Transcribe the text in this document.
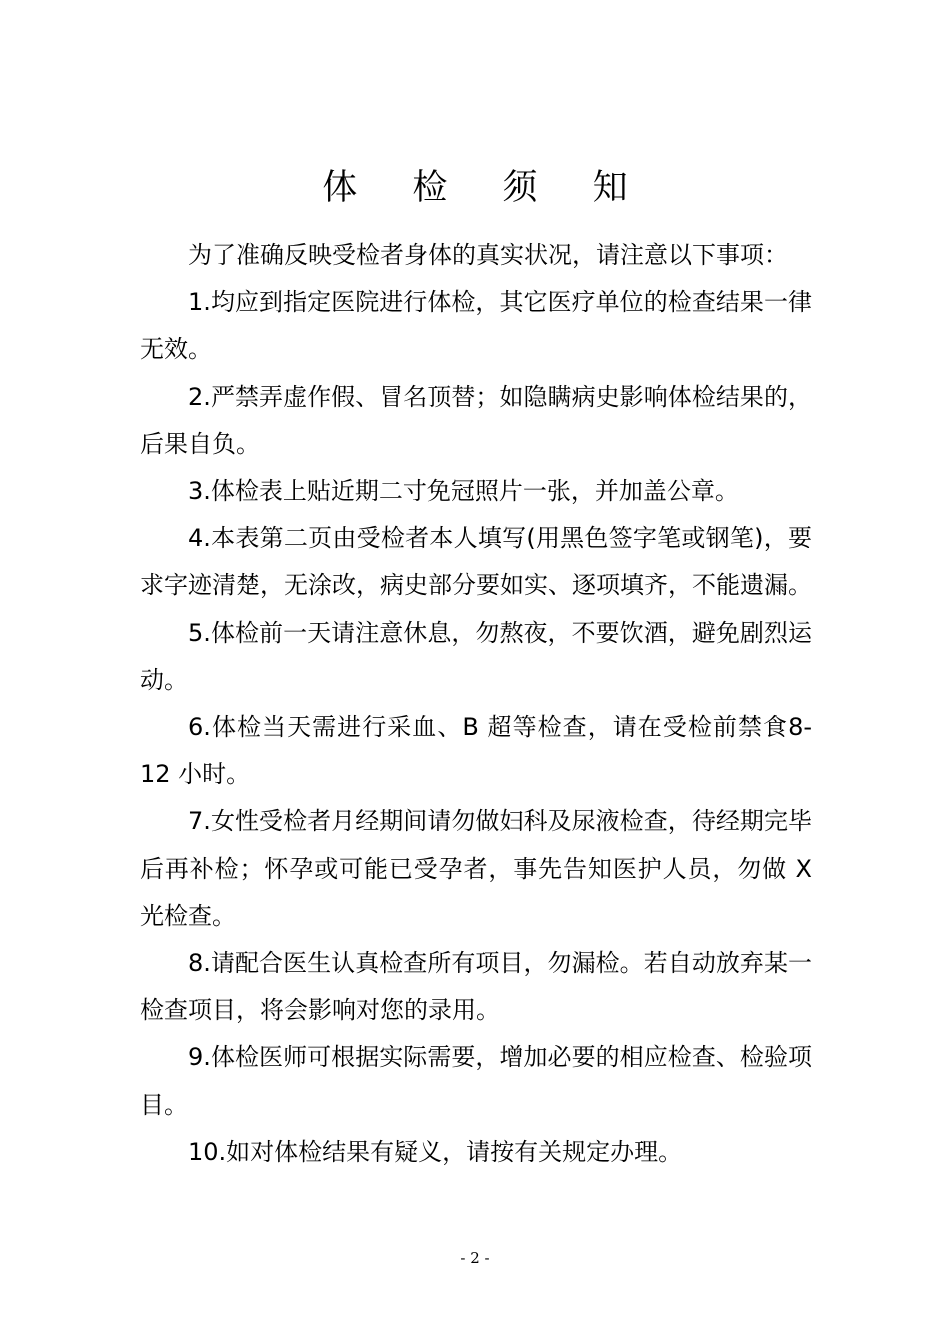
体 检 须 知

为了准确反映受检者身体的真实状况，请注意以下事项：

1.均应到指定医院进行体检，其它医疗单位的检查结果一律无效。

2.严禁弄虚作假、冒名顶替；如隐瞒病史影响体检结果的，后果自负。

3.体检表上贴近期二寸免冠照片一张，并加盖公章。

4.本表第二页由受检者本人填写(用黑色签字笔或钢笔)，要求字迹清楚，无涂改，病史部分要如实、逐项填齐，不能遗漏。

5.体检前一天请注意休息，勿熬夜，不要饮酒，避免剧烈运动。

6.体检当天需进行采血、B 超等检查，请在受检前禁食8-12 小时。

7.女性受检者月经期间请勿做妇科及尿液检查，待经期完毕后再补检；怀孕或可能已受孕者，事先告知医护人员，勿做 X 光检查。

8.请配合医生认真检查所有项目，勿漏检。若自动放弃某一检查项目，将会影响对您的录用。

9.体检医师可根据实际需要，增加必要的相应检查、检验项目。

10.如对体检结果有疑义，请按有关规定办理。

- 2 -
